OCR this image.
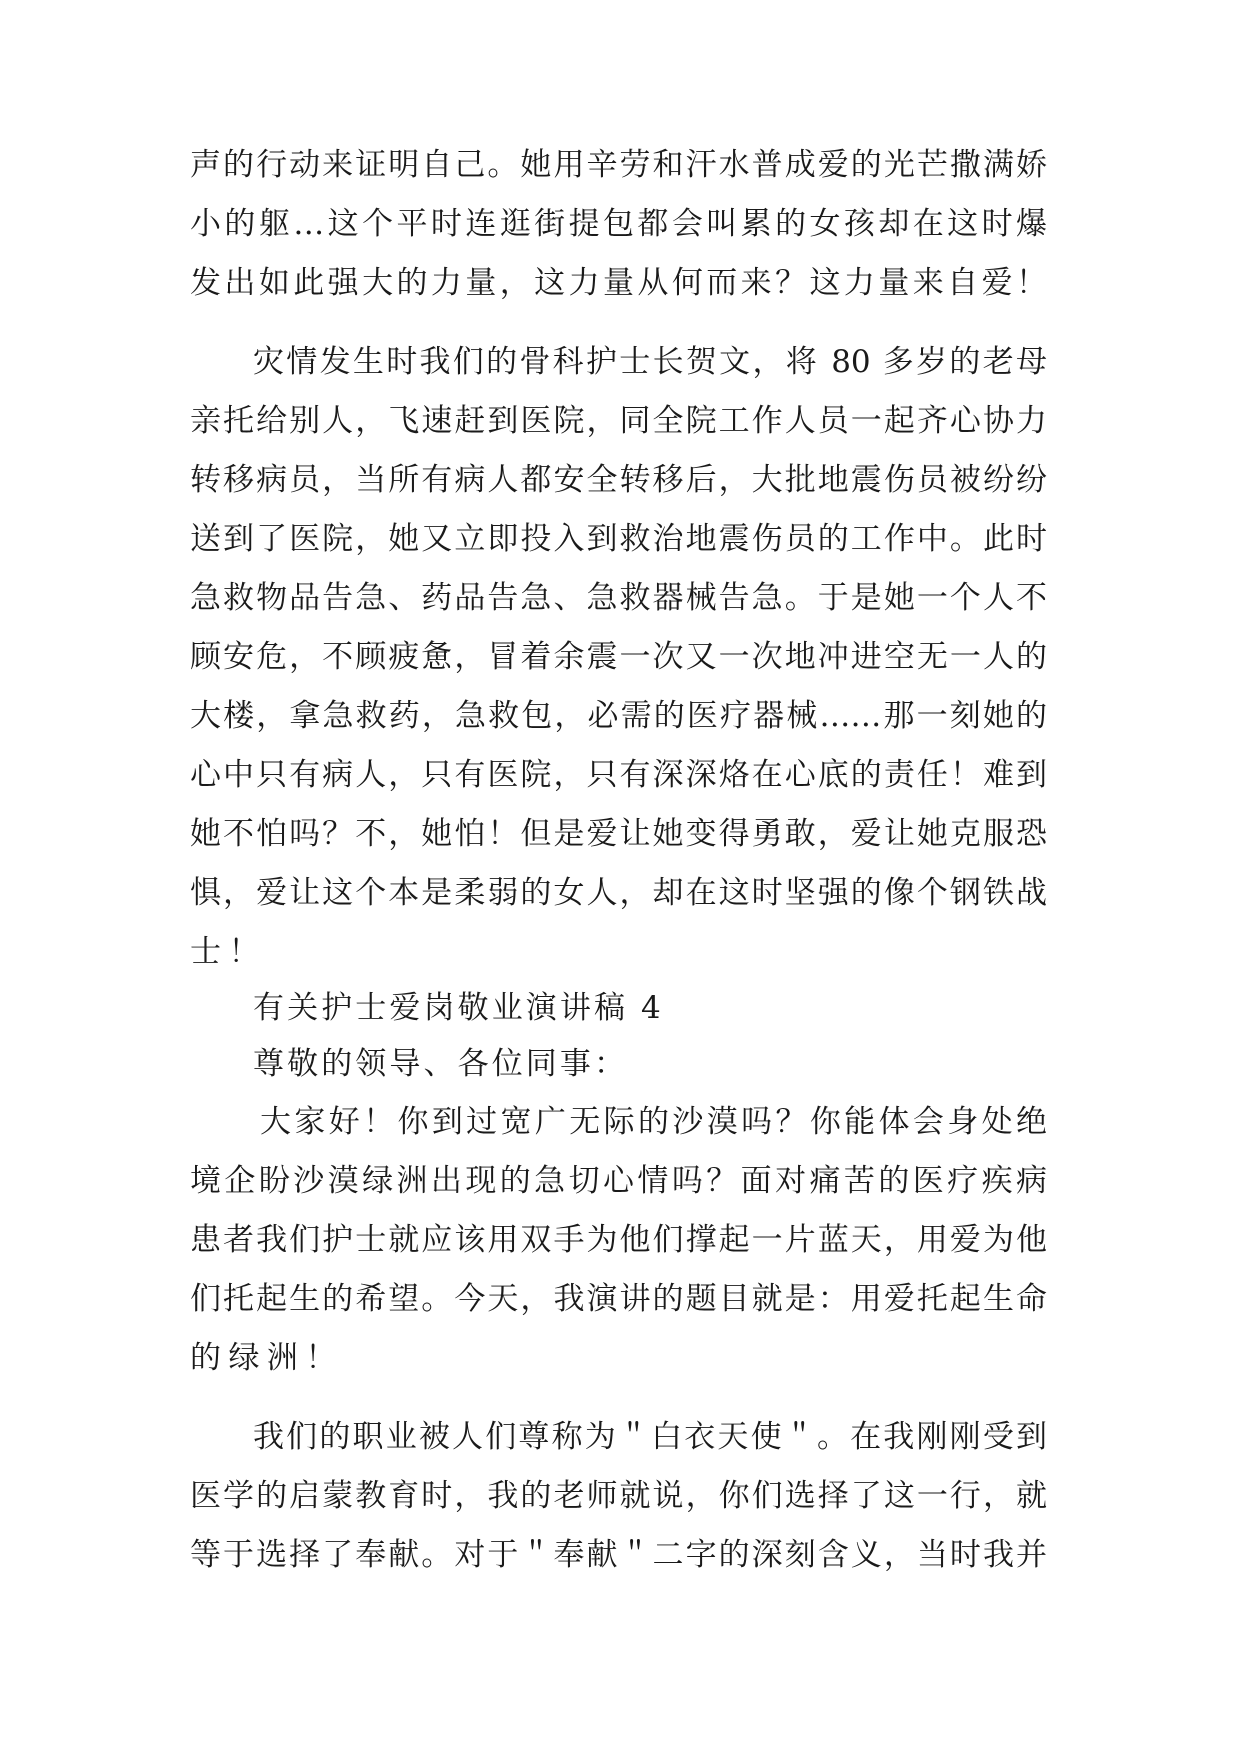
声的行动来证明自己。她用辛劳和汗水普成爱的光芒撒满娇

小的躯…这个平时连逛街提包都会叫累的女孩却在这时爆

发出如此强大的力量，这力量从何而来？这力量来自爱！

灾情发生时我们的骨科护士长贺文，将 80 多岁的老母

亲托给别人，飞速赶到医院，同全院工作人员一起齐心协力

转移病员，当所有病人都安全转移后，大批地震伤员被纷纷

送到了医院，她又立即投入到救治地震伤员的工作中。此时

急救物品告急、药品告急、急救器械告急。于是她一个人不

顾安危，不顾疲惫，冒着余震一次又一次地冲进空无一人的

大楼，拿急救药，急救包，必需的医疗器械……那一刻她的

心中只有病人，只有医院，只有深深烙在心底的责任！难到

她不怕吗？不，她怕！但是爱让她变得勇敢，爱让她克服恐

惧，爱让这个本是柔弱的女人，却在这时坚强的像个钢铁战

士！

有关护士爱岗敬业演讲稿 4

尊敬的领导、各位同事：

大家好！你到过宽广无际的沙漠吗？你能体会身处绝

境企盼沙漠绿洲出现的急切心情吗？面对痛苦的医疗疾病

患者我们护士就应该用双手为他们撑起一片蓝天，用爱为他

们托起生的希望。今天，我演讲的题目就是：用爱托起生命

的绿洲！

我们的职业被人们尊称为＂白衣天使＂。在我刚刚受到

医学的启蒙教育时，我的老师就说，你们选择了这一行，就

等于选择了奉献。对于＂奉献＂二字的深刻含义，当时我并
